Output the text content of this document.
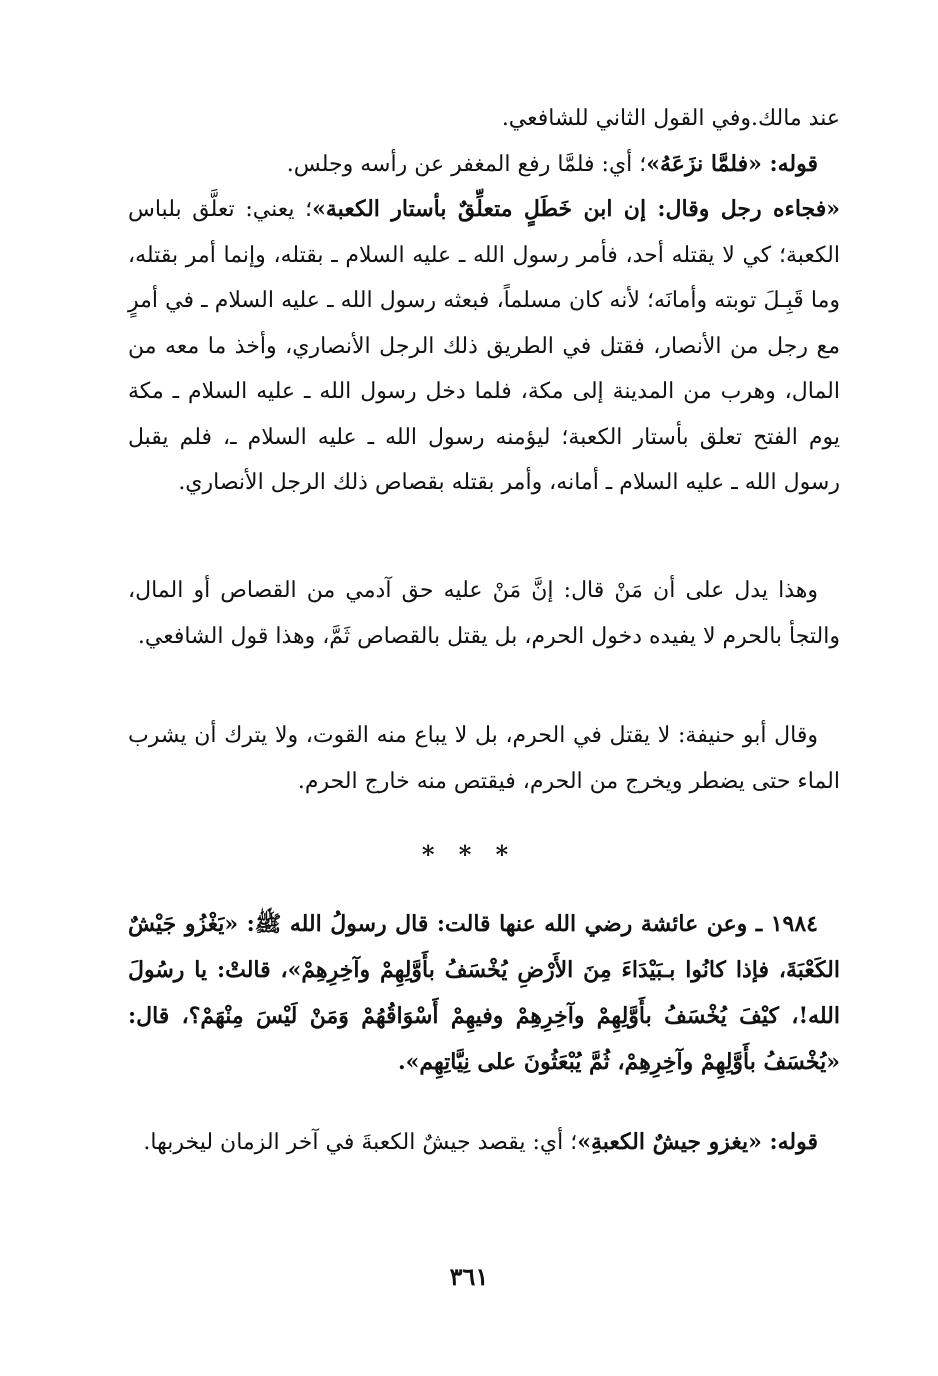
عند مالك.وفي القول الثاني للشافعي.

قوله: «فلمَّا نزَعَهُ»؛ أي: فلمَّا رفع المغفر عن رأسه وجلس.

«فجاءه رجل وقال: إن ابن خَطَلٍ متعلِّقٌ بأستار الكعبة»؛ يعني: تعلَّق بلباس الكعبة؛ كي لا يقتله أحد، فأمر رسول الله ـ عليه السلام ـ بقتله، وإنما أمر بقتله، وما قَبِـلَ توبته وأمانَه؛ لأنه كان مسلماً، فبعثه رسول الله ـ عليه السلام ـ في أمرٍ مع رجل من الأنصار، فقتل في الطريق ذلك الرجل الأنصاري، وأخذ ما معه من المال، وهرب من المدينة إلى مكة، فلما دخل رسول الله ـ عليه السلام ـ مكة يوم الفتح تعلق بأستار الكعبة؛ ليؤمنه رسول الله ـ عليه السلام ـ، فلم يقبل رسول الله ـ عليه السلام ـ أمانه، وأمر بقتله بقصاص ذلك الرجل الأنصاري.

وهذا يدل على أن مَنْ قال: إنَّ مَنْ عليه حق آدمي من القصاص أو المال، والتجأ بالحرم لا يفيده دخول الحرم، بل يقتل بالقصاص ثَمَّ، وهذا قول الشافعي.

وقال أبو حنيفة: لا يقتل في الحرم، بل لا يباع منه القوت، ولا يترك أن يشرب الماء حتى يضطر ويخرج من الحرم، فيقتص منه خارج الحرم.

* * *

١٩٨٤ ـ وعن عائشة رضي الله عنها قالت: قال رسولُ الله ﷺ: «يَغْزُو جَيْشٌ الكَعْبَةَ، فإذا كانُوا بـبَيْدَاءَ مِنَ الأَرْضِ يُخْسَفُ بأَوَّلِهِمْ وآخِرِهِمْ»، قالتْ: يا رسُولَ الله!، كيْفَ يُخْسَفُ بأَوَّلِهِمْ وآخِرِهِمْ وفيهِمْ أَسْوَاقُهُمْ وَمَنْ لَيْسَ مِنْهَمْ؟، قال: «يُخْسَفُ بأَوَّلِهِمْ وآخِرِهِمْ، ثُمَّ يُبْعَثُونَ على نِيَّاتِهِم».

قوله: «يغزو جيشٌ الكعبةِ»؛ أي: يقصد جيشٌ الكعبةَ في آخر الزمان ليخربها.

٣٦١
